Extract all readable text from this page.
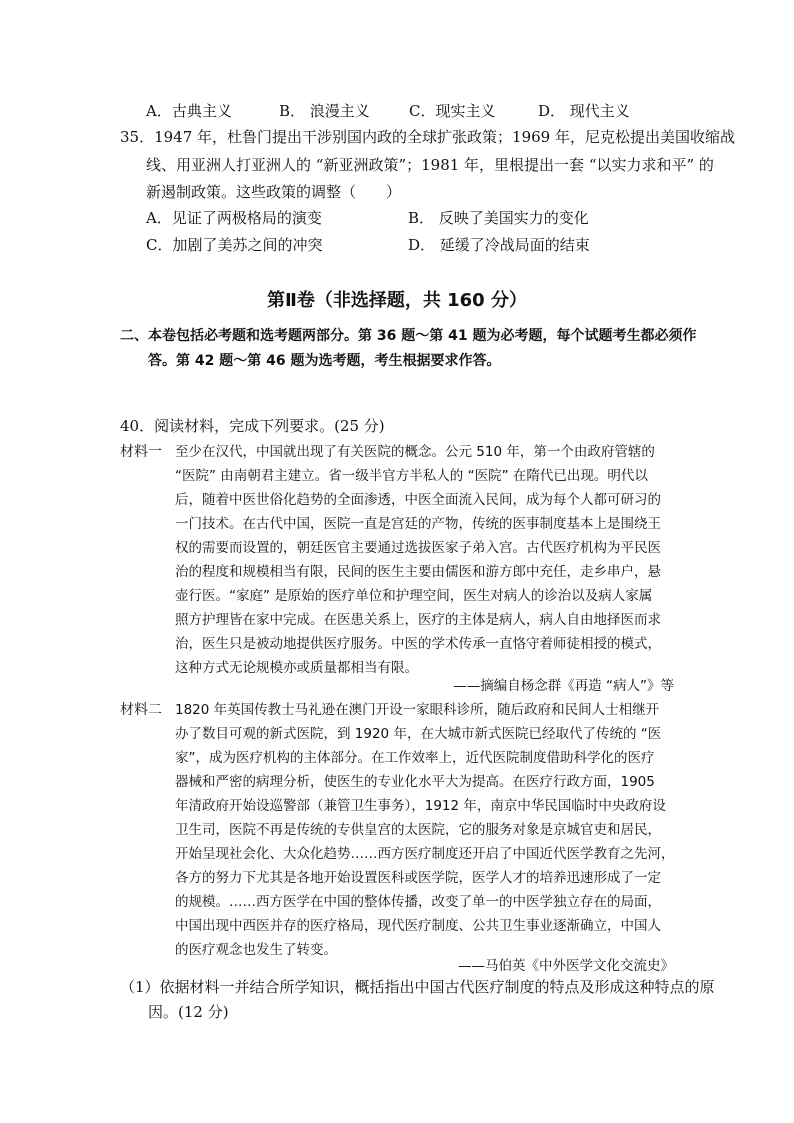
A．古典主义	B． 浪漫主义	C．现实主义	D． 现代主义
35．1947 年，杜鲁门提出干涉别国内政的全球扩张政策；1969 年，尼克松提出美国收缩战
线、用亚洲人打亚洲人的 “新亚洲政策”；1981 年，里根提出一套 “以实力求和平” 的
新遏制政策。这些政策的调整（　　）
A．见证了两极格局的演变	B． 反映了美国实力的变化
C．加剧了美苏之间的冲突	D． 延缓了冷战局面的结束
第Ⅱ卷（非选择题，共 160 分）
二、本卷包括必考题和选考题两部分。第 36 题～第 41 题为必考题，每个试题考生都必须作
答。第 42 题～第 46 题为选考题，考生根据要求作答。
40．阅读材料，完成下列要求。(25 分)
材料一 至少在汉代，中国就出现了有关医院的概念。公元 510 年，第一个由政府管辖的
“医院” 由南朝君主建立。省一级半官方半私人的 “医院” 在隋代已出现。明代以
后，随着中医世俗化趋势的全面渗透，中医全面流入民间，成为每个人都可研习的
一门技术。在古代中国，医院一直是宫廷的产物，传统的医事制度基本上是围绕王
权的需要而设置的，朝廷医官主要通过选拔医家子弟入宫。古代医疗机构为平民医
治的程度和规模相当有限，民间的医生主要由儒医和游方郎中充任，走乡串户，悬
壶行医。“家庭” 是原始的医疗单位和护理空间，医生对病人的诊治以及病人家属
照方护理皆在家中完成。在医患关系上，医疗的主体是病人，病人自由地择医而求
治，医生只是被动地提供医疗服务。中医的学术传承一直恪守着师徒相授的模式，
这种方式无论规模亦或质量都相当有限。
——摘编自杨念群《再造 “病人”》等
材料二 1820 年英国传教士马礼逊在澳门开设一家眼科诊所，随后政府和民间人士相继开
办了数目可观的新式医院，到 1920 年，在大城市新式医院已经取代了传统的 “医
家”，成为医疗机构的主体部分。在工作效率上，近代医院制度借助科学化的医疗
器械和严密的病理分析，使医生的专业化水平大为提高。在医疗行政方面，1905
年清政府开始设巡警部（兼管卫生事务），1912 年，南京中华民国临时中央政府设
卫生司，医院不再是传统的专供皇宫的太医院，它的服务对象是京城官吏和居民，
开始呈现社会化、大众化趋势……西方医疗制度还开启了中国近代医学教育之先河，
各方的努力下尤其是各地开始设置医科或医学院，医学人才的培养迅速形成了一定
的规模。……西方医学在中国的整体传播，改变了单一的中医学独立存在的局面，
中国出现中西医并存的医疗格局，现代医疗制度、公共卫生事业逐渐确立，中国人
的医疗观念也发生了转变。
——马伯英《中外医学文化交流史》
（1）依据材料一并结合所学知识，概括指出中国古代医疗制度的特点及形成这种特点的原
因。(12 分)
